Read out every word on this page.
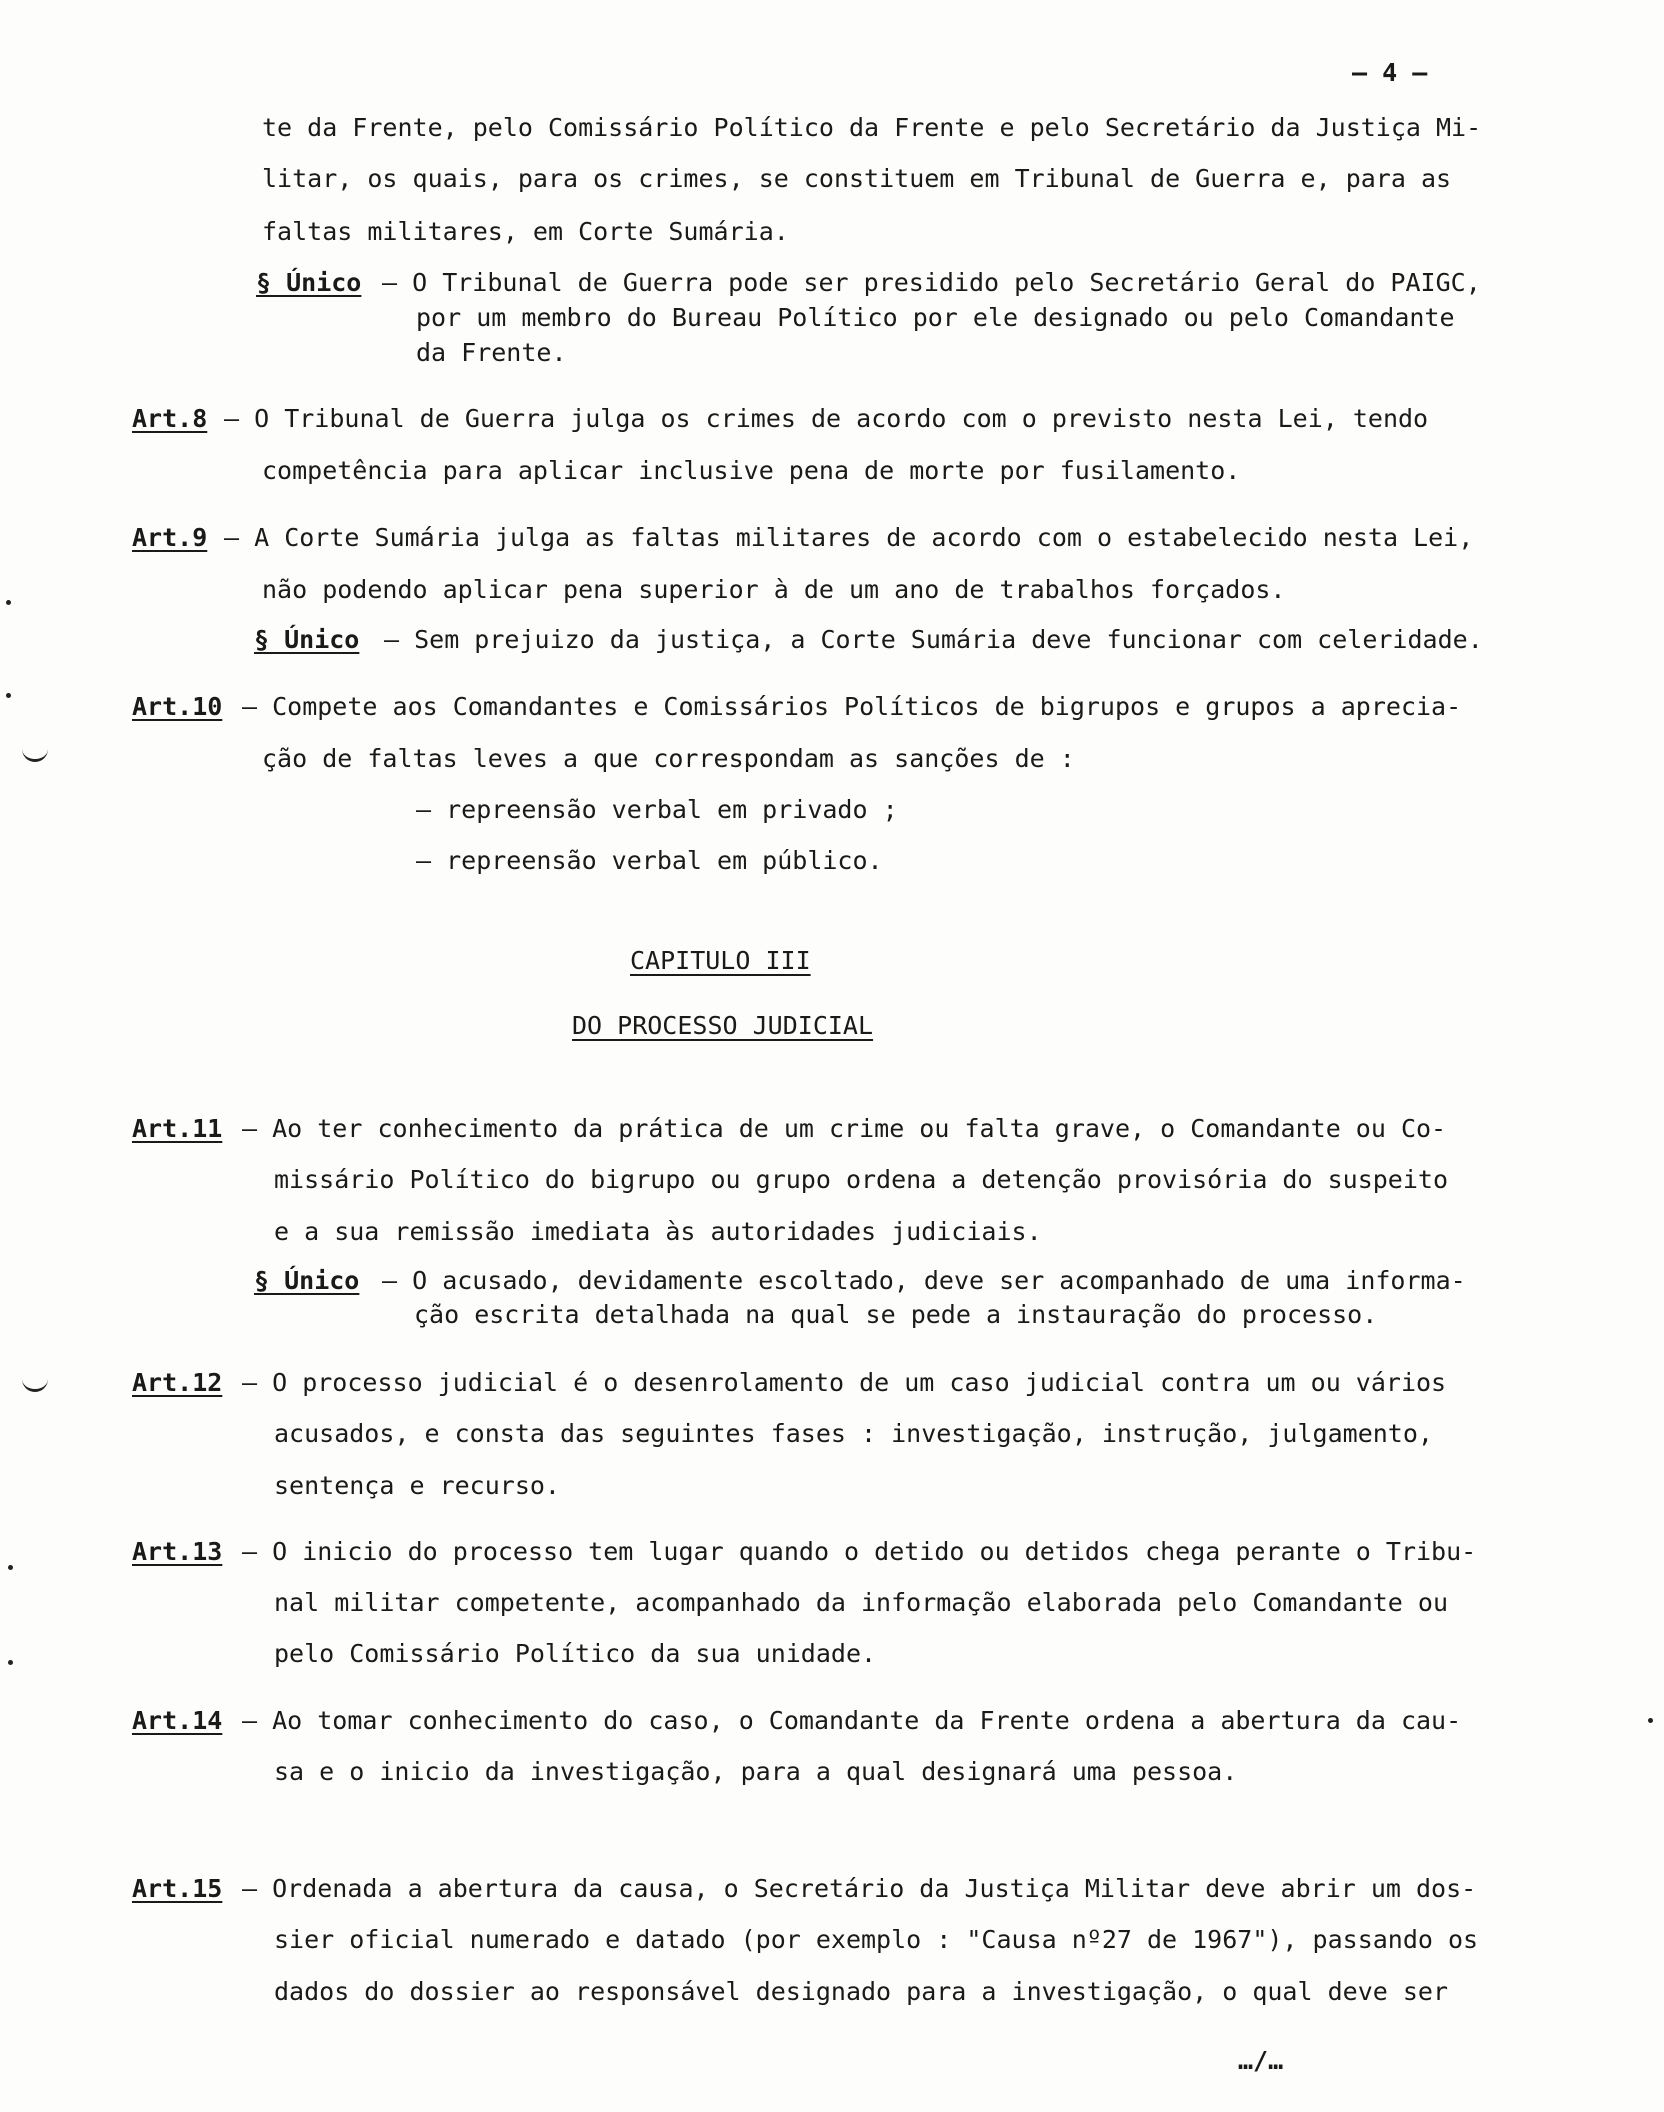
— 4 —
te da Frente, pelo Comissário Político da Frente e pelo Secretário da Justiça Mi-
litar, os quais, para os crimes, se constituem em Tribunal de Guerra e, para as
faltas militares, em Corte Sumária.
§ Único – O Tribunal de Guerra pode ser presidido pelo Secretário Geral do PAIGC,
por um membro do Bureau Político por ele designado ou pelo Comandante
da Frente.
Art.8 – O Tribunal de Guerra julga os crimes de acordo com o previsto nesta Lei, tendo
competência para aplicar inclusive pena de morte por fusilamento.
Art.9 – A Corte Sumária julga as faltas militares de acordo com o estabelecido nesta Lei,
não podendo aplicar pena superior à de um ano de trabalhos forçados.
§ Único – Sem prejuizo da justiça, a Corte Sumária deve funcionar com celeridade.
Art.10 – Compete aos Comandantes e Comissários Políticos de bigrupos e grupos a aprecia-
ção de faltas leves a que correspondam as sanções de :
– repreensão verbal em privado ;
– repreensão verbal em público.
CAPITULO III
DO PROCESSO JUDICIAL
Art.11 – Ao ter conhecimento da prática de um crime ou falta grave, o Comandante ou Co-
missário Político do bigrupo ou grupo ordena a detenção provisória do suspeito
e a sua remissão imediata às autoridades judiciais.
§ Único – O acusado, devidamente escoltado, deve ser acompanhado de uma informa-
ção escrita detalhada na qual se pede a instauração do processo.
Art.12 – O processo judicial é o desenrolamento de um caso judicial contra um ou vários
acusados, e consta das seguintes fases : investigação, instrução, julgamento,
sentença e recurso.
Art.13 – O inicio do processo tem lugar quando o detido ou detidos chega perante o Tribu-
nal militar competente, acompanhado da informação elaborada pelo Comandante ou
pelo Comissário Político da sua unidade.
Art.14 – Ao tomar conhecimento do caso, o Comandante da Frente ordena a abertura da cau-
sa e o inicio da investigação, para a qual designará uma pessoa.
Art.15 – Ordenada a abertura da causa, o Secretário da Justiça Militar deve abrir um dos-
sier oficial numerado e datado (por exemplo : "Causa nº27 de 1967"), passando os
dados do dossier ao responsável designado para a investigação, o qual deve ser
…/…
